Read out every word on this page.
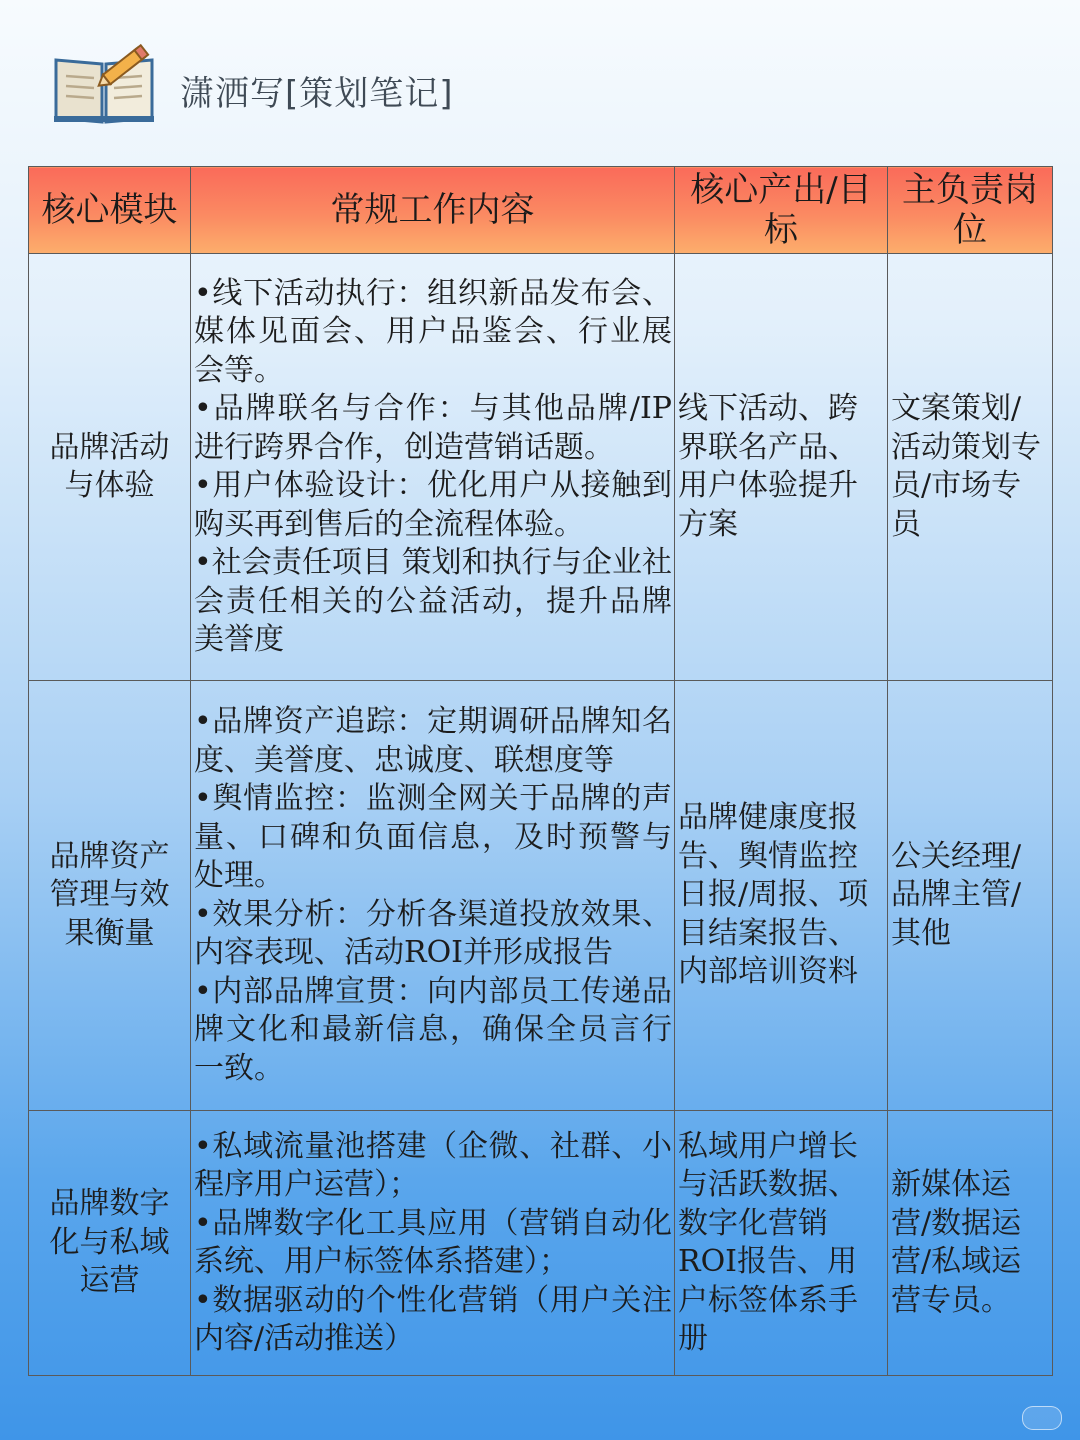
潇洒写[策划笔记]
核心模块	常规工作内容	核心产出/目标	主负责岗位
品牌活动与体验	•线下活动执行：组织新品发布会、媒体见面会、用户品鉴会、行业展会等。
•品牌联名与合作：与其他品牌/IP进行跨界合作，创造营销话题。
•用户体验设计：优化用户从接触到购买再到售后的全流程体验。
•社会责任项目 策划和执行与企业社会责任相关的公益活动，提升品牌美誉度	线下活动、跨界联名产品、用户体验提升方案	文案策划/活动策划专员/市场专员
品牌资产管理与效果衡量	•品牌资产追踪：定期调研品牌知名度、美誉度、忠诚度、联想度等
•舆情监控：监测全网关于品牌的声量、口碑和负面信息，及时预警与处理。
•效果分析：分析各渠道投放效果、内容表现、活动ROI并形成报告
•内部品牌宣贯：向内部员工传递品牌文化和最新信息，确保全员言行一致。	品牌健康度报告、舆情监控日报/周报、项目结案报告、内部培训资料	公关经理/品牌主管/其他
品牌数字化与私域运营	•私域流量池搭建（企微、社群、小程序用户运营）；
•品牌数字化工具应用（营销自动化系统、用户标签体系搭建）；
•数据驱动的个性化营销（用户关注内容/活动推送）	私域用户增长与活跃数据、数字化营销ROI报告、用户标签体系手册	新媒体运营/数据运营/私域运营专员。
